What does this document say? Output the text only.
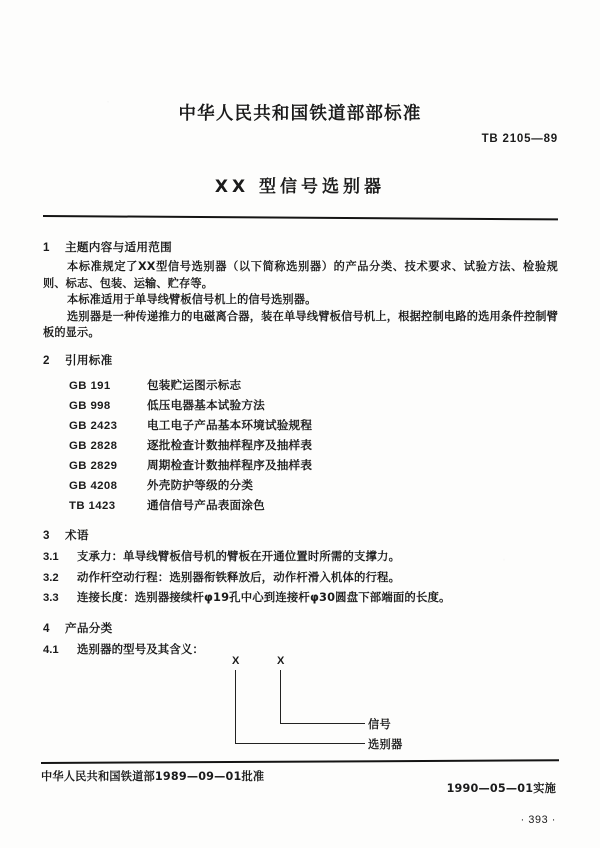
中华人民共和国铁道部部标准
TB 2105—89
XX 型信号选别器
1 主题内容与适用范围

本标准规定了XX型信号选别器（以下简称选别器）的产品分类、技术要求、试验方法、检验规则、标志、包装、运输、贮存等。

本标准适用于单导线臂板信号机上的信号选别器。

选别器是一种传递推力的电磁离合器，装在单导线臂板信号机上，根据控制电路的选用条件控制臂板的显示。

2 引用标准
GB 191	包装贮运图示标志
GB 998	低压电器基本试验方法
GB 2423	电工电子产品基本环境试验规程
GB 2828	逐批检查计数抽样程序及抽样表
GB 2829	周期检查计数抽样程序及抽样表
GB 4208	外壳防护等级的分类
TB 1423	通信信号产品表面涂色
3 术语
3.1	支承力：单导线臂板信号机的臂板在开通位置时所需的支撑力。
3.2	动作杆空动行程：选别器衔铁释放后，动作杆滑入机体的行程。
3.3	连接长度：选别器接续杆φ19孔中心到连接杆φ30圆盘下部端面的长度。
4 产品分类
4.1	选别器的型号及其含义：
X	X
信号
选别器
中华人民共和国铁道部1989—09—01批准
1990—05—01实施
· 393 ·
